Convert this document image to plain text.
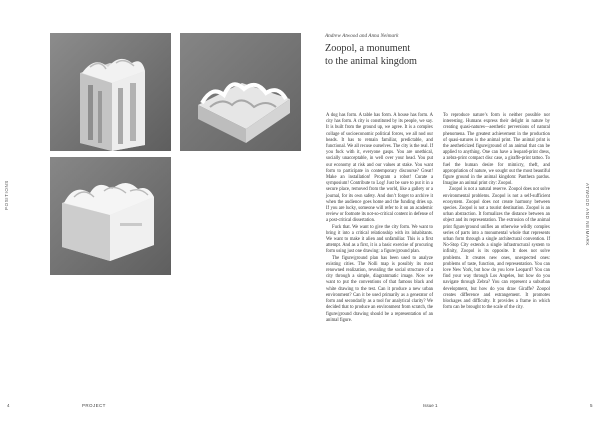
POSITIONS	ATWOOD AND NEIMARK
Andrew Atwood and Anna Neimark
Zoopol, a monument
to the animal kingdom

A dog has form. A table has form. A house has form. A city has form. A city is constituted by its people, we say. It is built from the ground up, we agree. It is a complex collage of socioeconomic political forces, we all nod our heads. It has to remain familiar, predictable, and functional. We all recuse ourselves. The city is the real. If you fuck with it, everyone gasps. You are unethical, socially unacceptable, in well over your head. You put our economy at risk and our values at stake. You want form to participate in contemporary discourse? Great! Make an installation! Program a robot! Curate a symposium! Contribute to Log! Just be sure to put it in a secure place, removed from the world, like a gallery or a journal, for its own safety. And don’t forget to archive it when the audience goes home and the funding dries up. If you are lucky, someone will refer to it on an academic review or footnote its not-so-critical content in defense of a post-critical dissertation.

Fuck that. We want to give the city form. We want to bring it into a critical relationship with its inhabitants. We want to make it alien and unfamiliar. This is a first attempt. And as a first, it is a basic exercise of procuring form using just one drawing: a figure/ground plan.

The figure/ground plan has been used to analyze existing cities. The Nolli map is possibly its most renowned realization, revealing the social structure of a city through a simple, diagrammatic image. Now we want to put the conventions of that famous black and white drawing to the test. Can it produce a new urban environment? Can it be used primarily as a generator of form and secondarily as a tool for analytical clarity? We decided that to produce an environment from scratch, the figure/ground drawing should be a representation of an animal figure.

To reproduce nature’s form is neither possible nor interesting. Humans express their delight in nature by creating quasi-natures—aesthetic perversions of natural phenomena. The greatest achievement in the production of quasi-natures is the animal print. The animal print is the aestheticized figure/ground of an animal that can be applied to anything. One can have a leopard-print dress, a zebra-print compact disc case, a giraffe-print tattoo. To fuel the human desire for mimicry, theft, and appropriation of nature, we sought out the most beautiful figure ground in the animal kingdom: Panthera pardus. Imagine an animal print city: Zoopol.

Zoopol is not a natural reserve. Zoopol does not solve environmental problems. Zoopol is not a self-sufficient ecosystem. Zoopol does not create harmony between species. Zoopol is not a tourist destination. Zoopol is an urban abstraction. It formalizes the distance between an object and its representation. The extrusion of the animal print figure/ground unifies an otherwise wildly complex series of parts into a monumental whole that represents urban form through a single architectural convention. If No-Stop City extends a single infrastructural system to infinity, Zoopol is its opposite. It does not solve problems. It creates new ones, unexpected ones: problems of taste, function, and representation. You can love New York, but how do you love Leopard? You can find your way through Los Angeles, but how do you navigate through Zebra? You can represent a suburban development, but how do you draw Giraffe? Zoopol creates difference and estrangement. It promotes blockages and difficulty. It provides a frame in which form can be brought to the scale of the city.

4	PROJECT	Issue 1	5
